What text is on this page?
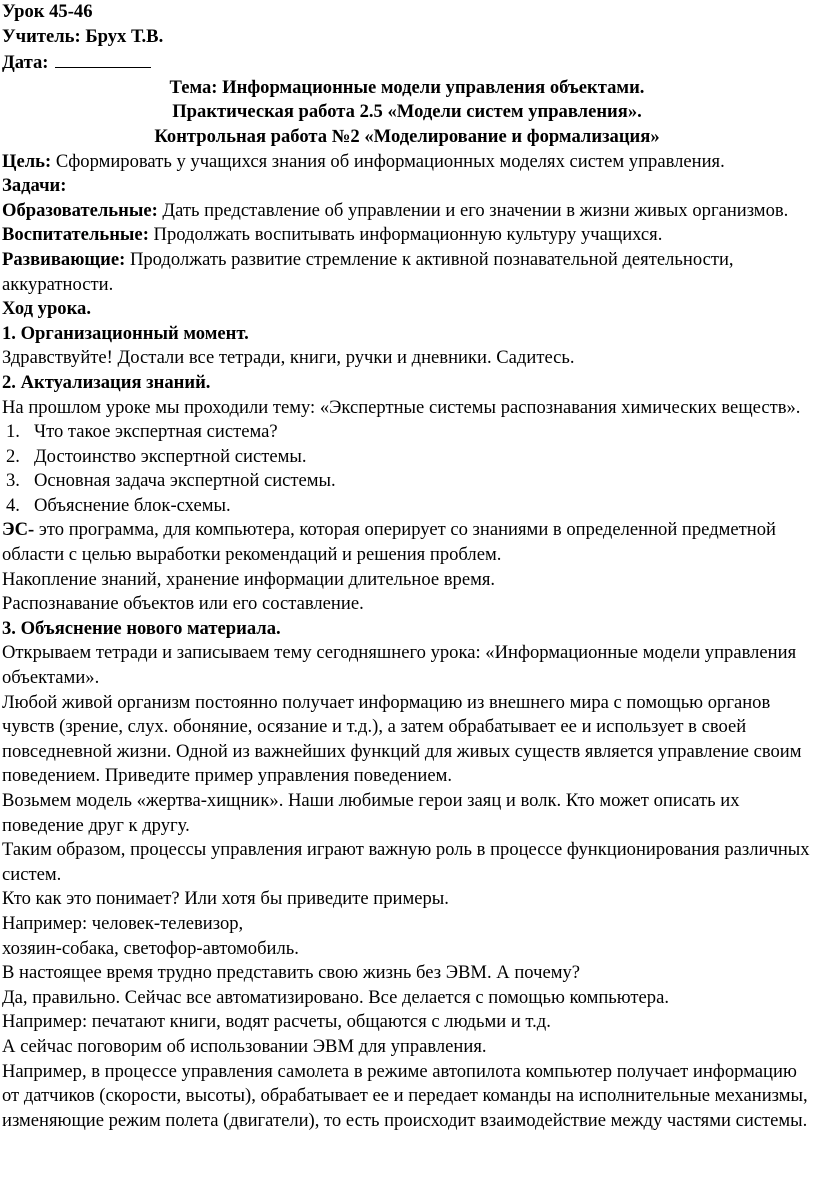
Урок 45-46

Учитель: Брух Т.В.

Дата:

Тема: Информационные модели управления объектами.

Практическая работа 2.5 «Модели систем управления».

Контрольная работа №2 «Моделирование и формализация»

Цель: Сформировать у учащихся знания об информационных моделях систем управления.

Задачи:

Образовательные: Дать представление об управлении и его значении в жизни живых организмов.

Воспитательные: Продолжать воспитывать информационную культуру учащихся.

Развивающие: Продолжать развитие стремление к активной познавательной деятельности, аккуратности.

Ход урока.

1. Организационный момент.

Здравствуйте! Достали все тетради, книги, ручки и дневники. Садитесь.

2. Актуализация знаний.

На прошлом уроке мы проходили тему: «Экспертные системы распознавания химических веществ».

1. Что такое экспертная система?
2. Достоинство экспертной системы.
3. Основная задача экспертной системы.
4. Объяснение блок-схемы.

ЭС- это программа, для компьютера, которая оперирует со знаниями в определенной предметной области с целью выработки рекомендаций и решения проблем.

Накопление знаний, хранение информации длительное время.

Распознавание объектов или его составление.

3. Объяснение нового материала.

Открываем тетради и записываем тему сегодняшнего урока: «Информационные модели управления объектами».

Любой живой организм постоянно получает информацию из внешнего мира с помощью органов чувств (зрение, слух. обоняние, осязание и т.д.), а затем обрабатывает ее и использует в своей повседневной жизни. Одной из важнейших функций для живых существ является управление своим поведением. Приведите пример управления поведением.

Возьмем модель «жертва-хищник». Наши любимые герои заяц и волк. Кто может описать их поведение друг к другу.

Таким образом, процессы управления играют важную роль в процессе функционирования различных систем.

Кто как это понимает? Или хотя бы приведите примеры.

Например: человек-телевизор,

хозяин-собака, светофор-автомобиль.

В настоящее время трудно представить свою жизнь без ЭВМ. А почему?

Да, правильно. Сейчас все автоматизировано. Все делается с помощью компьютера.

Например: печатают книги, водят расчеты, общаются с людьми и т.д.

А сейчас поговорим об использовании ЭВМ для управления.

Например, в процессе управления самолета в режиме автопилота компьютер получает информацию от датчиков (скорости, высоты), обрабатывает ее и передает команды на исполнительные механизмы, изменяющие режим полета (двигатели), то есть происходит взаимодействие между частями системы.
